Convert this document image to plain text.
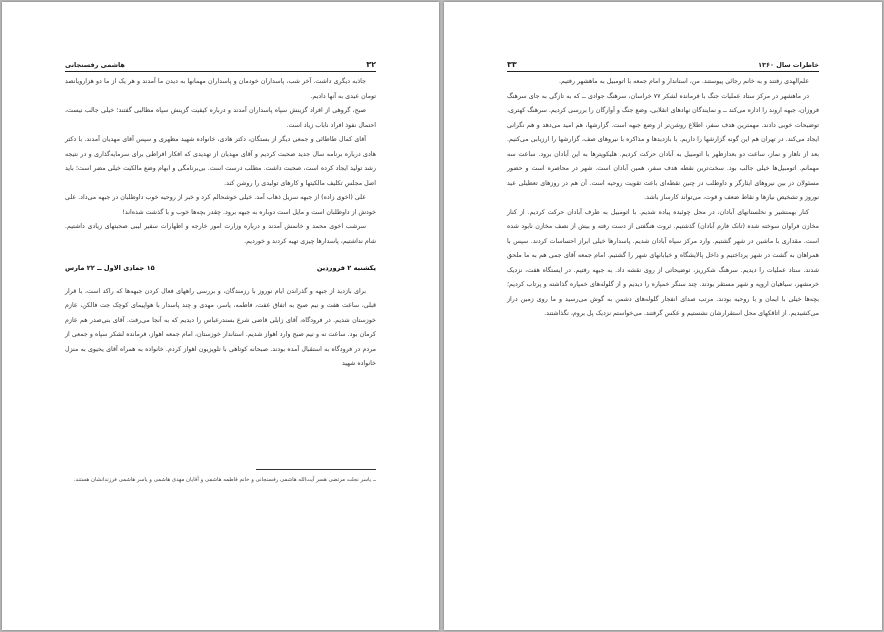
۳۲
هاشمی رفسنجانی

جاذبه دیگری داشت. آخر شب، پاسداران خودمان و پاسداران مهمانها به دیدن ما آمدند و هر یک از ما دو هزارویانصد تومان عیدی به آنها دادیم.

صبح، گروهی از افراد گزینش سپاه پاسداران آمدند و درباره کیفیت گزینش سپاه مطالبی گفتند؛ خیلی جالب نیست، احتمال نفوذ افراد ناباب زیاد است.

آقای کمال طاطائی و جمعی دیگر از بستگان، دکتر هادی، خانواده شهید مظهری و سپس آقای مهدیان آمدند. با دکتر هادی درباره برنامه سال جدید صحبت کردیم و آقای مهدیان از تهدیدی که افکار افراطی برای سرمایه‌گذاری و در نتیجه رشد تولید ایجاد کرده است، صحبت داشت. مطلب درست است. بی‌برنامگی و ابهام وضع مالکیت خیلی مضر است؛ باید اصل مجلس تکلیف مالکیتها و کارهای تولیدی را روشن کند.

علی (اخوی زاده) از جبهه سریل ذهاب آمد. خیلی خوشحالم کرد و خبر از روحیه خوب داوطلبان در جبهه می‌داد. علی خودش از داوطلبان است و مایل است دوباره به جبهه برود. چقدر بچه‌ها خوب و با گذشت شده‌اند!

سرشب اخوی محمد و خانمش آمدند و درباره وزارت امور خارجه و اظهارات سفیر لیبی صحبتهای زیادی داشتیم. شام نداشتیم، پاسدارها چیزی تهیه کردند و خوردیم.

یکشنبه ۲ فروردین
۱۵ جمادی الاول ــ ۲۲ مارس

برای بازدید از جبهه و گذراندن ایام نوروز با رزمندگان، و بررسی راههای فعال کردن جبهه‌ها که راکد است، با قرار قبلی، ساعت هفت و نیم صبح به اتفاق عفت، فاطمه، یاسر، مهدی و چند پاسدار با هواپیمای کوچک جت فالکن، عازم خوزستان شدیم. در فرودگاه، آقای زابلی قاضی شرع بسندرعباس را دیدیم که به آنجا می‌رفت. آقای بنی‌صدر هم عازم کرمان بود. ساعت نه و نیم صبح وارد اهواز شدیم. استاندار خوزستان، امام جمعه اهواز، فرمانده لشکر سپاه و جمعی از مردم در فرودگاه به استقبال آمده بودند. صبحانه کوتاهی با تلویزیون اهواز کردم. خانواده به همراه آقای یحیوی به منزل خانواده شهید

ــ یاسر نجلت مرتضی هسر آیت‌الله هاشمی رفسنجانی و خانم فاطمه هاشمی و آقایان مهدی هاشمی و یاسر هاشمی فرزندانشان هستند.
۳۳	خاطرات سال ۱۳۶۰

علم‌الهدی رفتند و به خانم رجائی پیوستند. من، استاندار و امام جمعه با اتومبیل به ماهشهر رفتیم.

در ماهشهر در مرکز ستاد عملیات جنگ با فرمانده لشکر ۷۷ خراسان، سرهنگ جوادی ــ که به تازگی به جای سرهنگ فروزان، جبهه اروند را اداره می‌کند ــ و نمایندگان نهادهای انقلابی، وضع جنگ و آوارگان را بررسی کردیم. سرهنگ کهتری، توضیحات خوبی دادند. مهمترین هدف سفر، اطلاع روشن‌تر از وضع جبهه است. گزارشها، هم امید می‌دهد و هم نگرانی ایجاد می‌کند. در تهران هم این گونه گزارشها را داریم. با بازدیدها و مذاکره با نیروهای صف، گزارشها را ارزیابی می‌کنیم. بعد از ناهار و نماز، ساعت دو بعدازظهر با اتومبیل به آبادان حرکت کردیم. هلیکوپترها به این آبادان برود. ساعت سه مهمانم. اتومبیل‌ها خیلی جالب بود. سخت‌ترین نقطه هدف سفر، همین آبادان است. شهر در محاصره است و حضور مسئولان در بین نیروهای ایثارگر و داوطلب در چنین نقطه‌ای باعث تقویت روحیه است. آن هم در روزهای تعطیلی عید نوروز و تشخیص نیازها و نقاط ضعف و قوت، می‌تواند کارساز باشد.

کنار بهمنشیر و نخلستانهای آبادان، در محل چوئبده پیاده شدیم. با اتومبیل به طرف آبادان حرکت کردیم. از کنار مخازن فراوان سوخته شده (تانک فارم آبادان) گذشتیم. ثروت هنگفتی از دست رفته و بیش از نصف مخازن نابود شده است. مقداری با ماشین در شهر گشتیم. وارد مرکز سپاه آبادان شدیم. پاسدارها خیلی ابراز احساسات کردند. سپس با همراهان به گشت در شهر پرداختیم و داخل پالایشگاه و خیابانهای شهر را گشتیم. امام جمعه آقای جمی هم به ما ملحق شدند. ستاد عملیات را دیدیم. سرهنگ شکرریز، توضیحاتی از روی نقشه داد. به جبهه رفتیم. در ایستگاه هفت، نزدیک خرمشهر، سیاهیان اروپه و شهر مستقر بودند. چند سنگر خمپاره را دیدیم و از گلوله‌های خمپاره گذاشته و پرتاب کردیم؛ بچه‌ها خیلی با ایمان و با روحیه بودند. مرتب صدای انفجار گلوله‌های دشمن به گوش می‌رسید و ما روی زمین دراز می‌کشیدیم. از اتاقکهای محل استقرارشان نشستیم و عکس گرفتند. می‌خواستم نزدیک پل بروم، نگذاشتند.
